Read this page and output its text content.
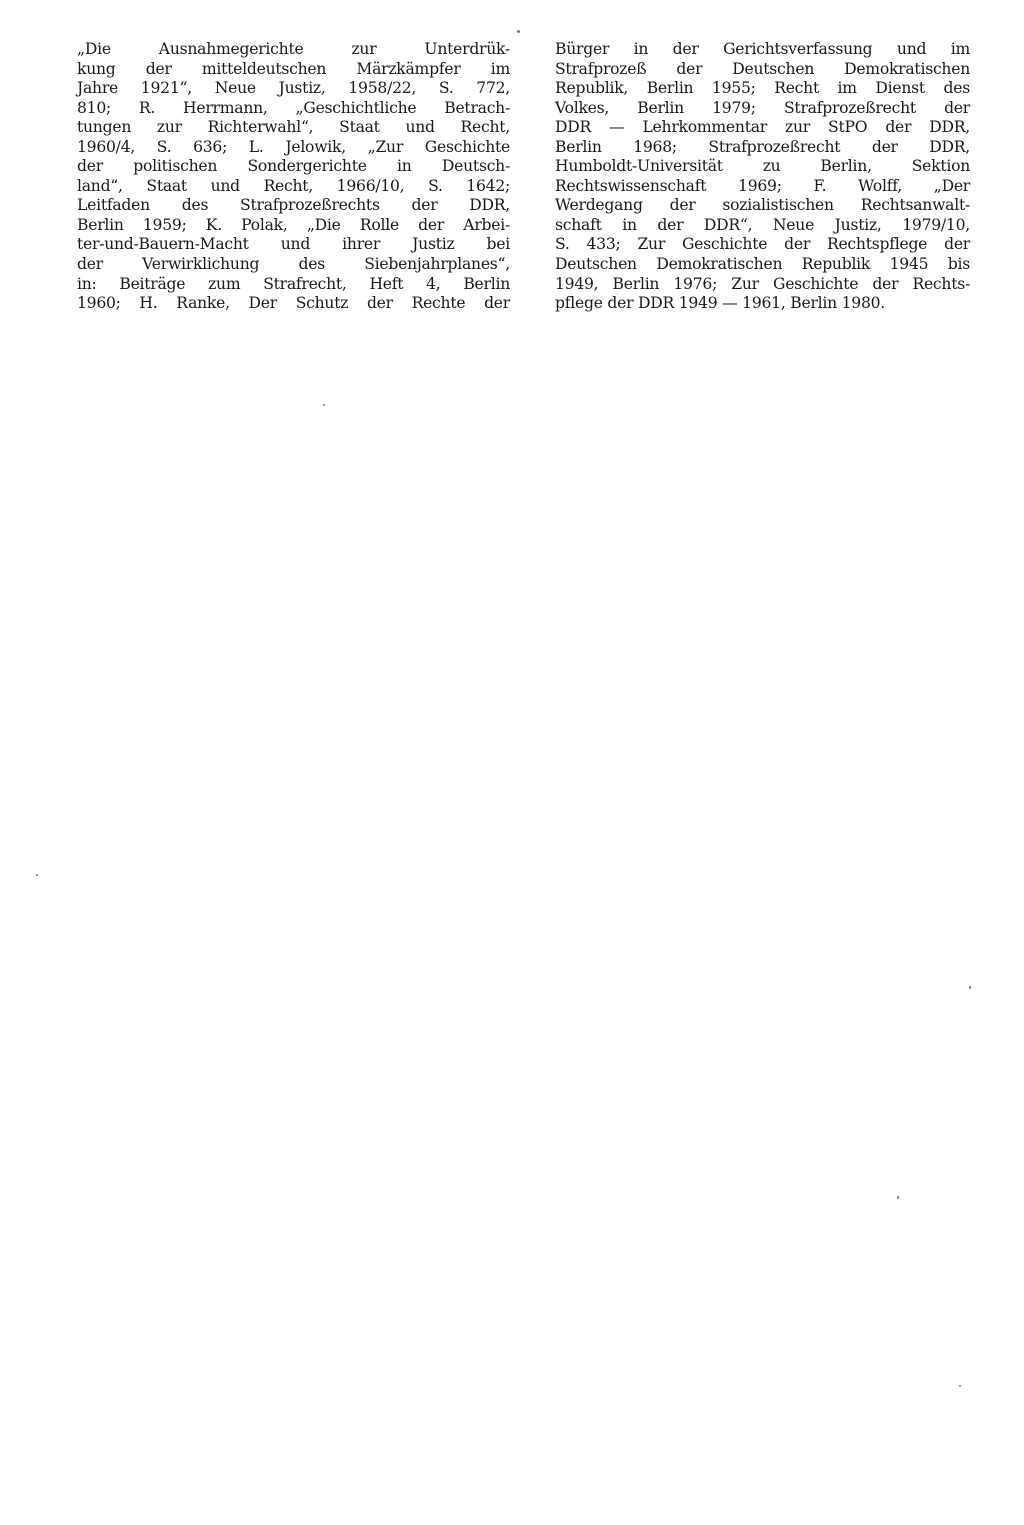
„Die Ausnahmegerichte zur Unterdrük-
kung der mitteldeutschen Märzkämpfer im
Jahre 1921“, Neue Justiz, 1958/22, S. 772,
810; R. Herrmann, „Geschichtliche Betrach-
tungen zur Richterwahl“, Staat und Recht,
1960/4, S. 636; L. Jelowik, „Zur Geschichte
der politischen Sondergerichte in Deutsch-
land“, Staat und Recht, 1966/10, S. 1642;
Leitfaden des Strafprozeßrechts der DDR,
Berlin 1959; K. Polak, „Die Rolle der Arbei-
ter-und-Bauern-Macht und ihrer Justiz bei
der Verwirklichung des Siebenjahrplanes“,
in: Beiträge zum Strafrecht, Heft 4, Berlin
1960; H. Ranke, Der Schutz der Rechte der
Bürger in der Gerichtsverfassung und im
Strafprozeß der Deutschen Demokratischen
Republik, Berlin 1955; Recht im Dienst des
Volkes, Berlin 1979; Strafprozeßrecht der
DDR — Lehrkommentar zur StPO der DDR,
Berlin 1968; Strafprozeßrecht der DDR,
Humboldt-Universität zu Berlin, Sektion
Rechtswissenschaft 1969; F. Wolff, „Der
Werdegang der sozialistischen Rechtsanwalt-
schaft in der DDR“, Neue Justiz, 1979/10,
S. 433; Zur Geschichte der Rechtspflege der
Deutschen Demokratischen Republik 1945 bis
1949, Berlin 1976; Zur Geschichte der Rechts-
pflege der DDR 1949 — 1961, Berlin 1980.
